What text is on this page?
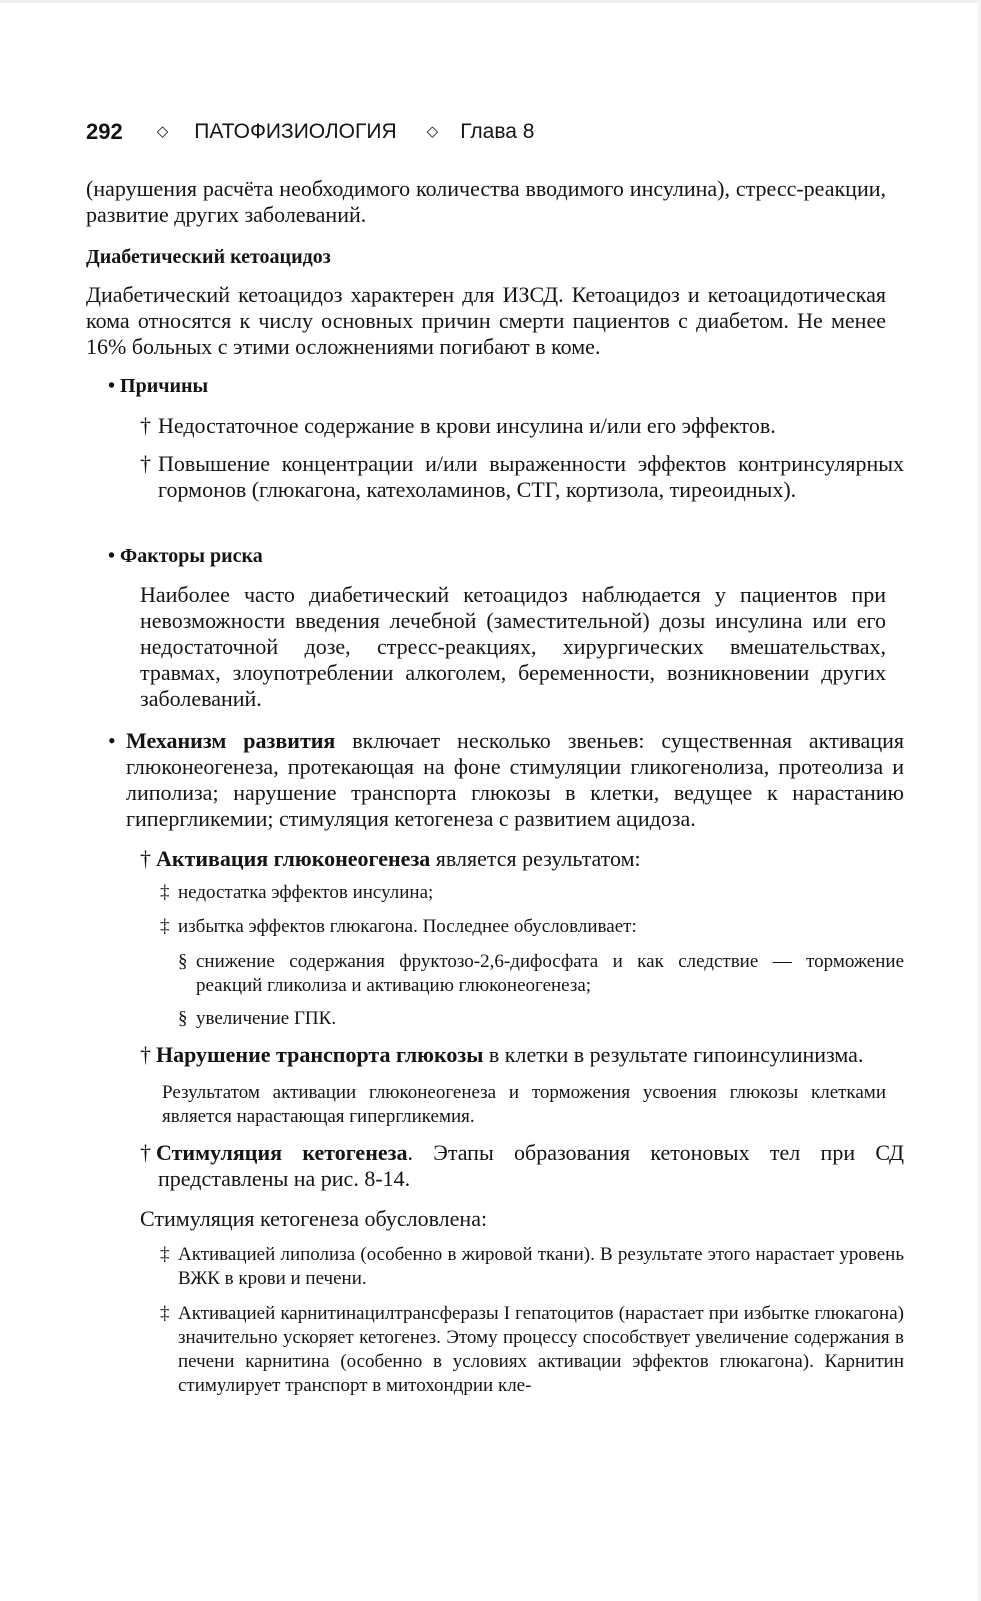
292 ◇ ПАТОФИЗИОЛОГИЯ ◇ Глава 8
(нарушения расчёта необходимого количества вводимого инсулина), стресс-реакции, развитие других заболеваний.
Диабетический кетоацидоз
Диабетический кетоацидоз характерен для ИЗСД. Кетоацидоз и кетоацидотическая кома относятся к числу основных причин смерти пациентов с диабетом. Не менее 16% больных с этими осложнениями погибают в коме.
• Причины
† Недостаточное содержание в крови инсулина и/или его эффектов.
† Повышение концентрации и/или выраженности эффектов контринсулярных гормонов (глюкагона, катехоламинов, СТГ, кортизола, тиреоидных).
• Факторы риска
Наиболее часто диабетический кетоацидоз наблюдается у пациентов при невозможности введения лечебной (заместительной) дозы инсулина или его недостаточной дозе, стресс-реакциях, хирургических вмешательствах, травмах, злоупотреблении алкоголем, беременности, возникновении других заболеваний.
• Механизм развития включает несколько звеньев: существенная активация глюконеогенеза, протекающая на фоне стимуляции гликогенолиза, протеолиза и липолиза; нарушение транспорта глюкозы в клетки, ведущее к нарастанию гипергликемии; стимуляция кетогенеза с развитием ацидоза.
† Активация глюконеогенеза является результатом:
‡ недостатка эффектов инсулина;
‡ избытка эффектов глюкагона. Последнее обусловливает:
§ снижение содержания фруктозо-2,6-дифосфата и как следствие — торможение реакций гликолиза и активацию глюконеогенеза;
§ увеличение ГПК.
† Нарушение транспорта глюкозы в клетки в результате гипоинсулинизма.
Результатом активации глюконеогенеза и торможения усвоения глюкозы клетками является нарастающая гипергликемия.
† Стимуляция кетогенеза. Этапы образования кетоновых тел при СД представлены на рис. 8-14.
Стимуляция кетогенеза обусловлена:
‡ Активацией липолиза (особенно в жировой ткани). В результате этого нарастает уровень ВЖК в крови и печени.
‡ Активацией карнитинацилтрансферазы I гепатоцитов (нарастает при избытке глюкагона) значительно ускоряет кетогенез. Этому процессу способствует увеличение содержания в печени карнитина (особенно в условиях активации эффектов глюкагона). Карнитин стимулирует транспорт в митохондрии кле-
